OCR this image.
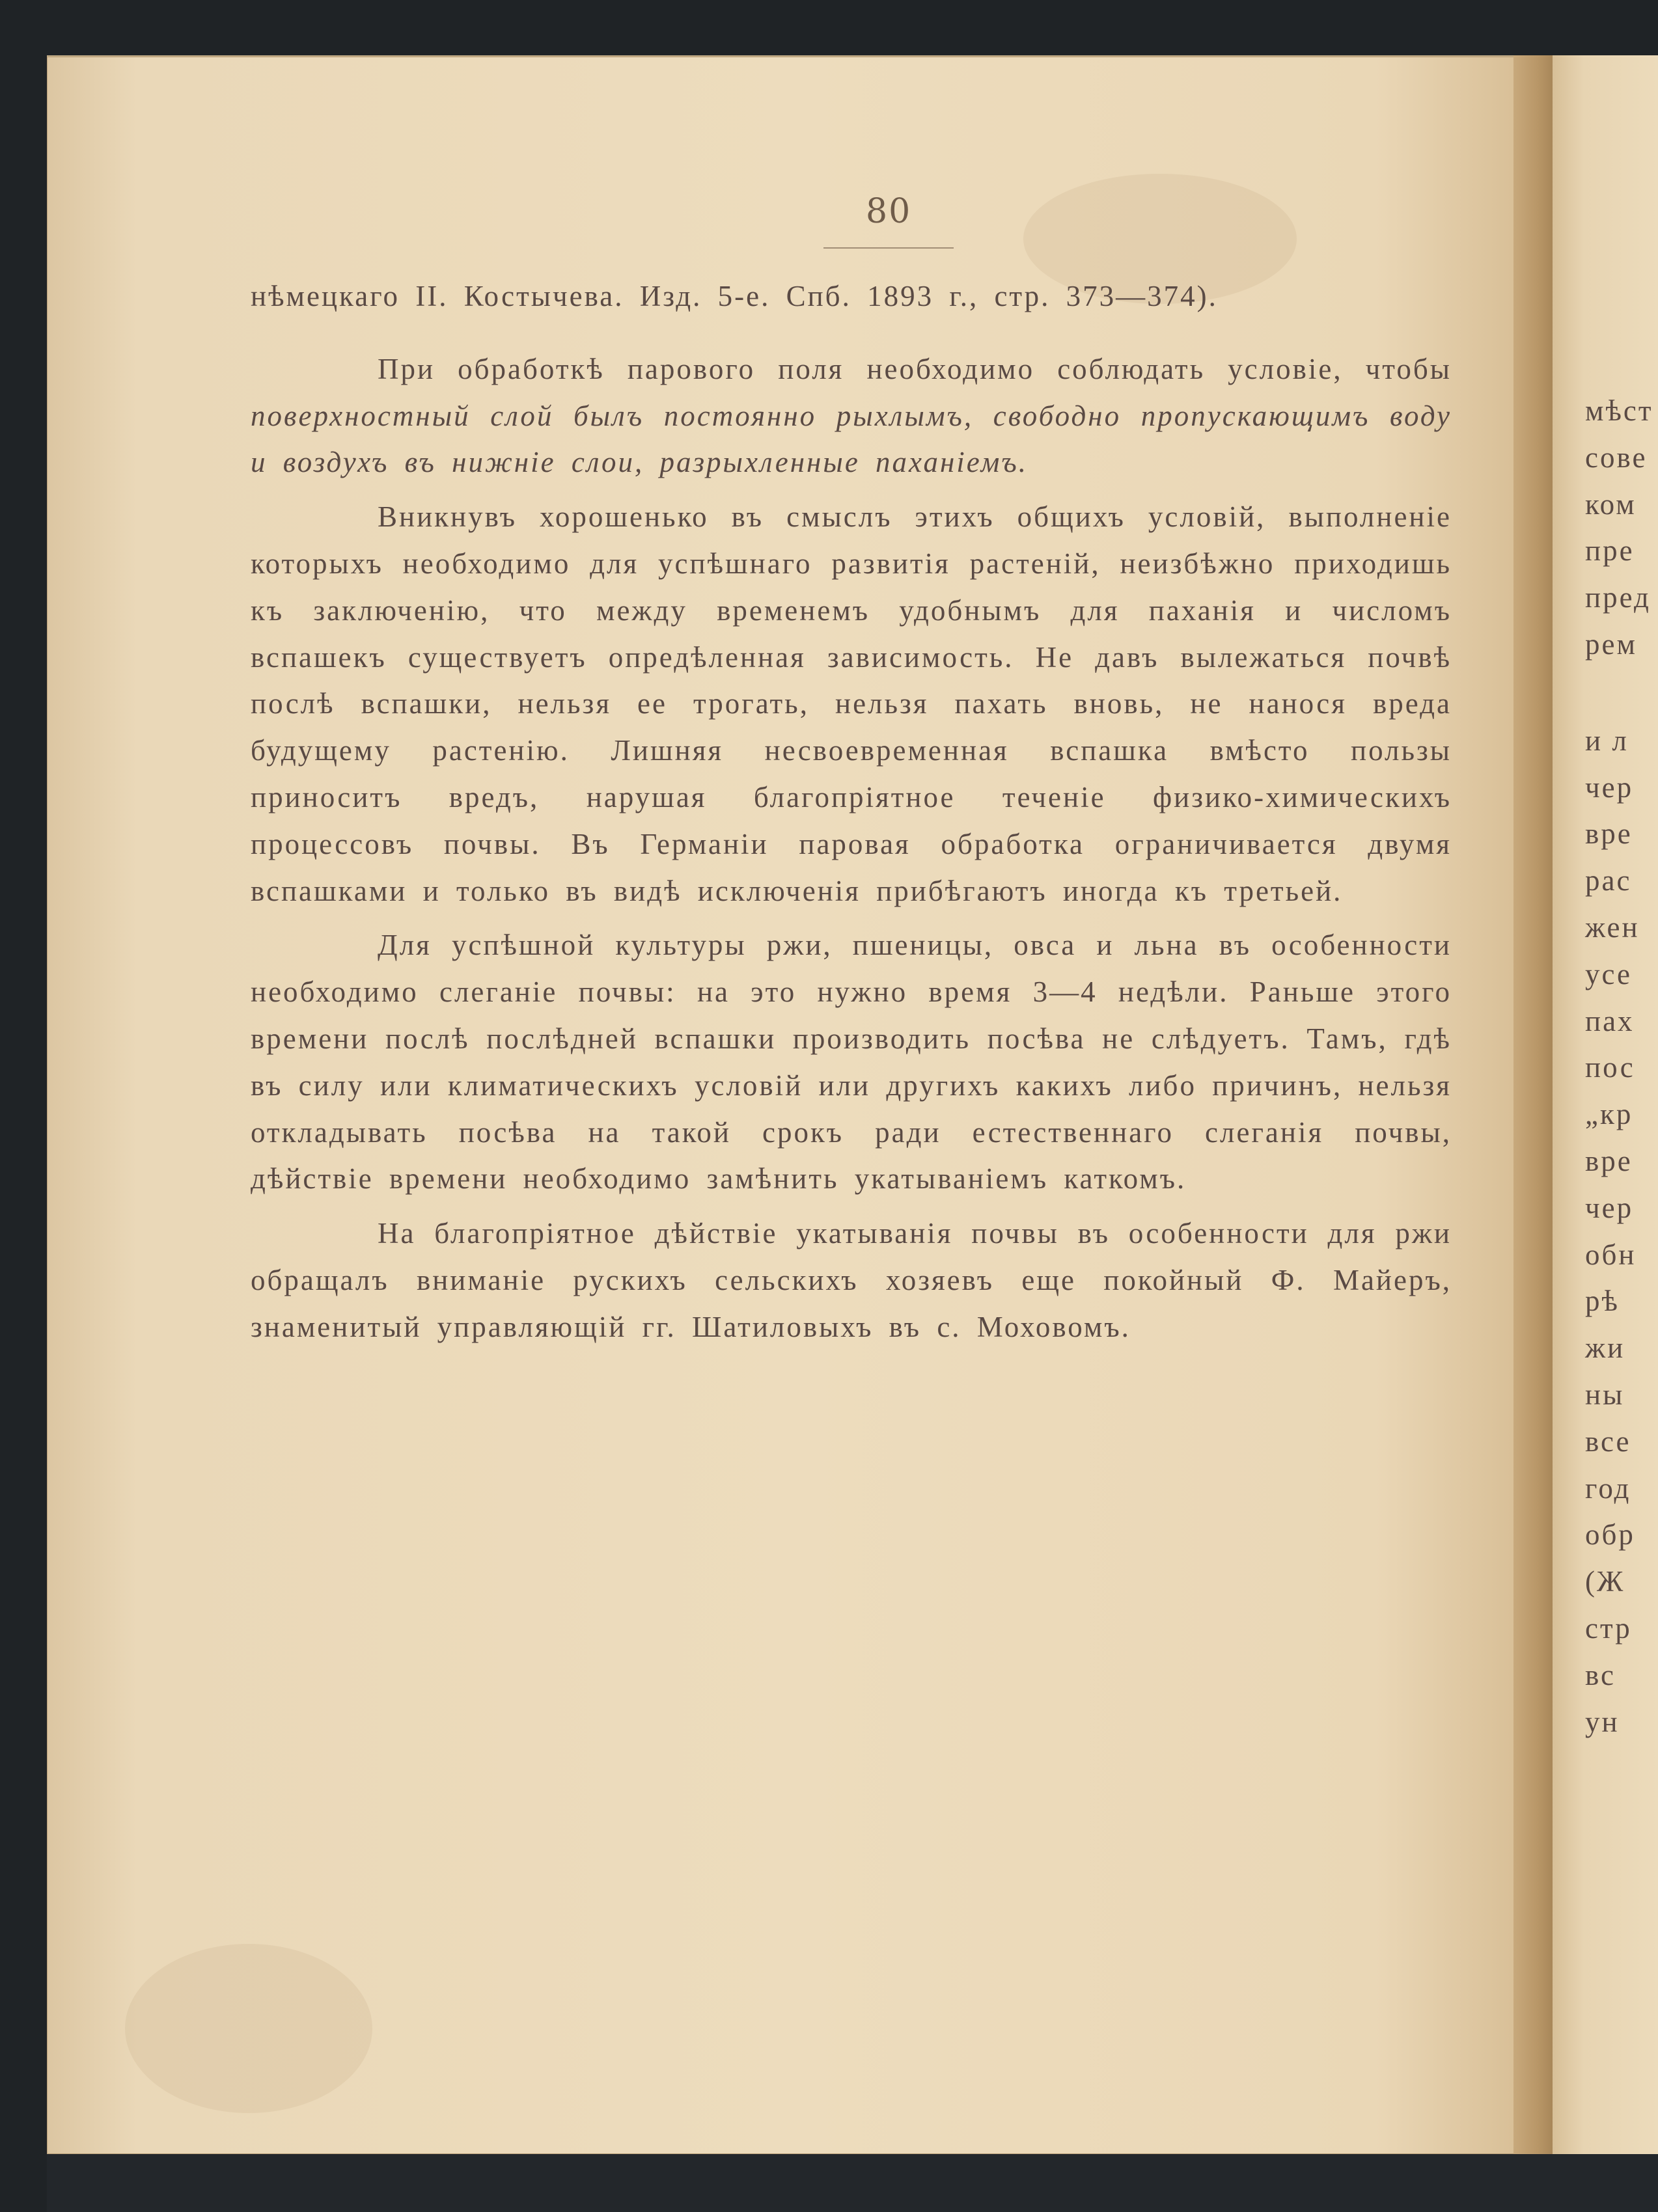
мѣст
сове
ком
пре
пред
рем
и л
чер
вре
рас
жен
усе
пах
пос
„кр
вре
чер
обн
рѣ
жи
ны
все
год
обр
(Ж
стр
вс
ун
80
нѣмецкаго II. Костычева. Изд. 5-е. Спб. 1893 г., стр. 373—374).
При обработкѣ парового поля необходимо соблюдать условіе, чтобы поверхностный слой былъ постоянно рыхлымъ, свободно пропускающимъ воду и воздухъ въ нижніе слои, разрыхленные паханіемъ.
Вникнувъ хорошенько въ смыслъ этихъ общихъ условій, выполненіе которыхъ необходимо для успѣшнаго развитія растеній, неизбѣжно приходишь къ заключенію, что между временемъ удобнымъ для паханія и числомъ вспашекъ существуетъ опредѣленная зависимость. Не давъ вылежаться почвѣ послѣ вспашки, нельзя ее трогать, нельзя пахать вновь, не нанося вреда будущему растенію. Лишняя несвоевременная вспашка вмѣсто пользы приноситъ вредъ, нарушая благопріятное теченіе физико-химическихъ процессовъ почвы. Въ Германіи паровая обработка ограничивается двумя вспашками и только въ видѣ исключенія прибѣгаютъ иногда къ третьей.
Для успѣшной культуры ржи, пшеницы, овса и льна въ особенности необходимо слеганіе почвы: на это нужно время 3—4 недѣли. Раньше этого времени послѣ послѣдней вспашки производить посѣва не слѣдуетъ. Тамъ, гдѣ въ силу или климатическихъ условій или другихъ какихъ либо причинъ, нельзя откладывать посѣва на такой срокъ ради естественнаго слеганія почвы, дѣйствіе времени необходимо замѣнить укатываніемъ каткомъ.
На благопріятное дѣйствіе укатыванія почвы въ особенности для ржи обращалъ вниманіе рускихъ сельскихъ хозяевъ еще покойный Ф. Майеръ, знаменитый управляющій гг. Шатиловыхъ въ с. Моховомъ.
